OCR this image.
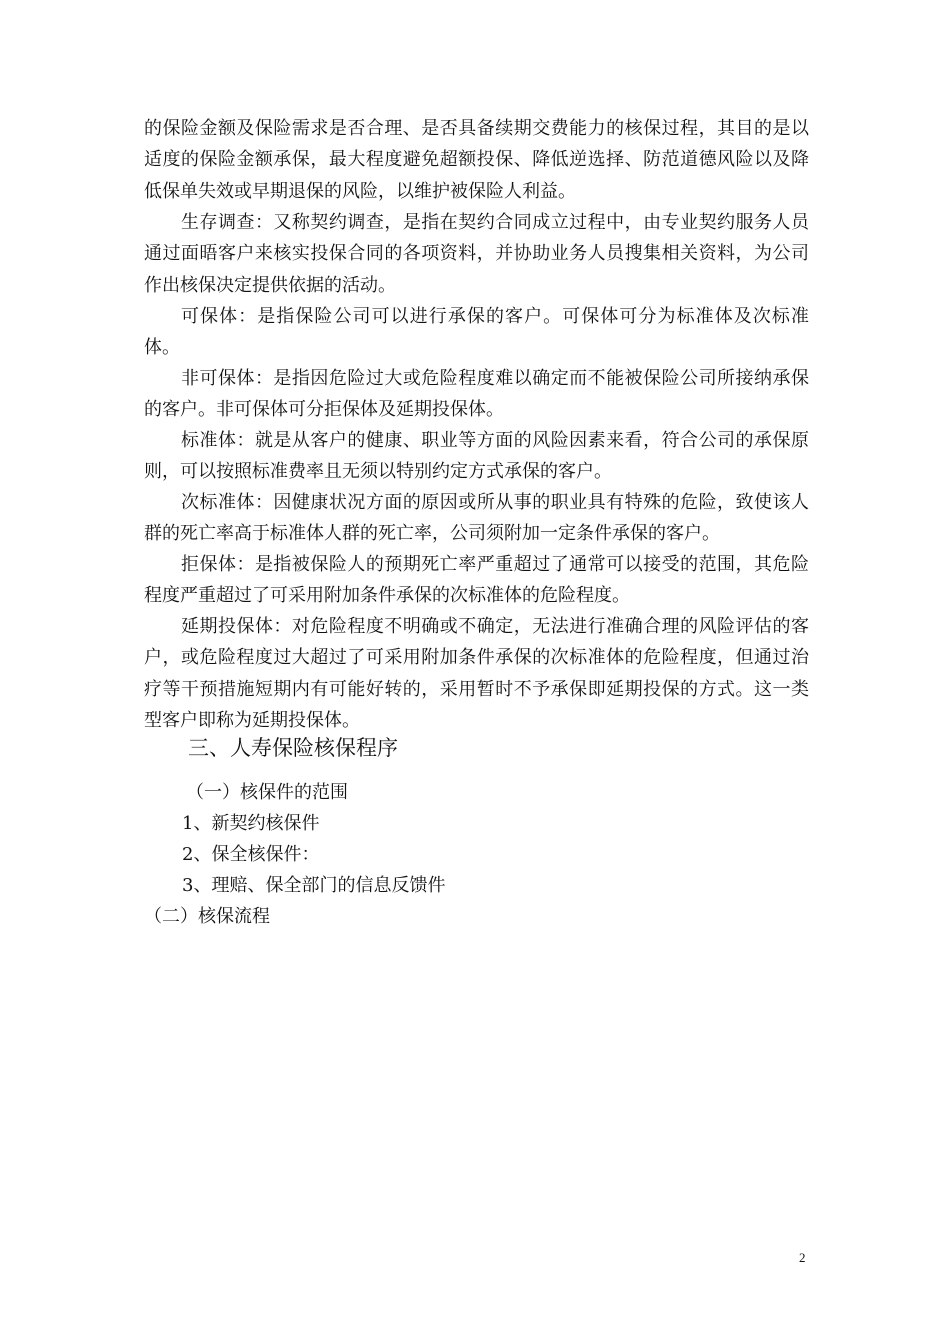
的保险金额及保险需求是否合理、是否具备续期交费能力的核保过程，其目的是以适度的保险金额承保，最大程度避免超额投保、降低逆选择、防范道德风险以及降低保单失效或早期退保的风险，以维护被保险人利益。

生存调查：又称契约调查，是指在契约合同成立过程中，由专业契约服务人员通过面晤客户来核实投保合同的各项资料，并协助业务人员搜集相关资料，为公司作出核保决定提供依据的活动。

可保体：是指保险公司可以进行承保的客户。可保体可分为标准体及次标准体。

非可保体：是指因危险过大或危险程度难以确定而不能被保险公司所接纳承保的客户。非可保体可分拒保体及延期投保体。

标准体：就是从客户的健康、职业等方面的风险因素来看，符合公司的承保原则，可以按照标准费率且无须以特别约定方式承保的客户。

次标准体：因健康状况方面的原因或所从事的职业具有特殊的危险，致使该人群的死亡率高于标准体人群的死亡率，公司须附加一定条件承保的客户。

拒保体：是指被保险人的预期死亡率严重超过了通常可以接受的范围，其危险程度严重超过了可采用附加条件承保的次标准体的危险程度。

延期投保体：对危险程度不明确或不确定，无法进行准确合理的风险评估的客户，或危险程度过大超过了可采用附加条件承保的次标准体的危险程度，但通过治疗等干预措施短期内有可能好转的，采用暂时不予承保即延期投保的方式。这一类型客户即称为延期投保体。

三、人寿保险核保程序

（一）核保件的范围

1、新契约核保件

2、保全核保件：

3、理赔、保全部门的信息反馈件

（二）核保流程

2
